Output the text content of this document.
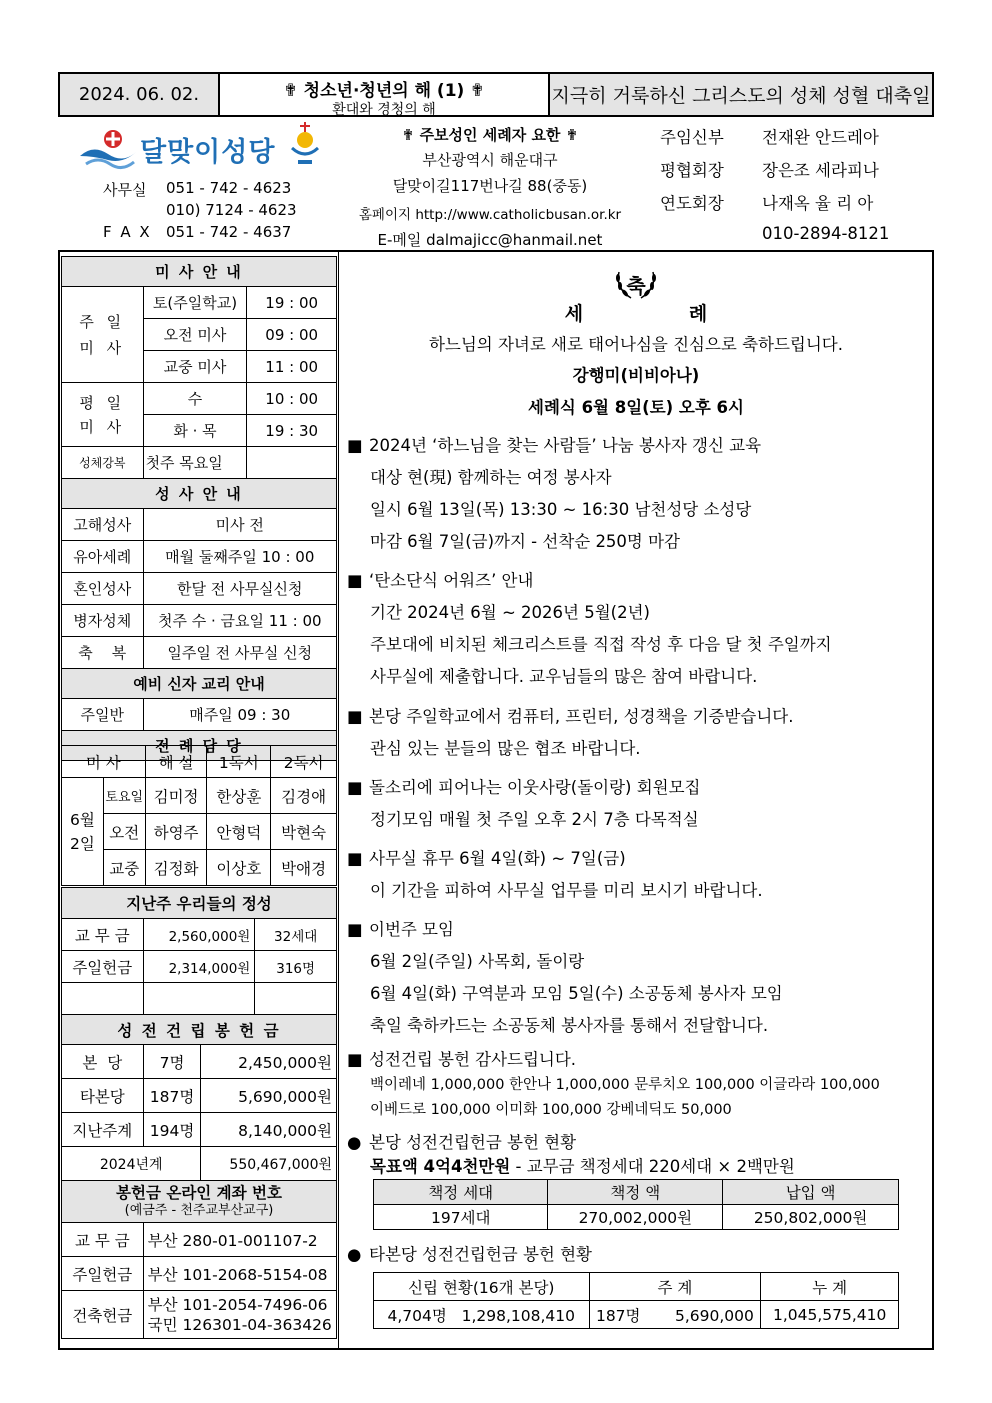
2024. 06. 02.	✟ 청소년·청년의 해 (1) ✟
환대와 경청의 해
지극히 거룩하신 그리스도의 성체 성혈 대축일
달맞이성당
사무실 051 - 742 - 4623
010) 7124 - 4623
F A X 051 - 742 - 4637
✟ 주보성인 세례자 요한 ✟
부산광역시 해운대구
달맞이길117번나길 88(중동)
홈페이지 http://www.catholicbusan.or.kr
E-메일 dalmajicc@hanmail.net
주임신부 전재완 안드레아
평협회장 장은조 세라피나
연도회장 나재옥 율 리 아
010-2894-8121
미 사 안 내		
주 일
미 사	토(주일학교)	19 : 00
	오전 미사	09 : 00
	교중 미사	11 : 00
평 일
미 사	수	10 : 00
	화 · 목	19 : 30
성체강복	첫주 목요일	
성 사 안 내		
고해성사	미사 전	
유아세례	매월 둘째주일 10 : 00	
혼인성사	한달 전 사무실신청	
병자성체	첫주 수 · 금요일 11 : 00	
축    복	일주일 전 사무실 신청	
예비 신자 교리 안내		
주일반	매주일 09 : 30	
전 례 담 당		
미 사		해 설	1독서	2독서
6월
2일	토요일	김미정	한상훈	김경애
	오전	하영주	안형덕	박현숙
	교중	김정화	이상호	박애경
지난주 우리들의 정성		
교 무 금	2,560,000원	32세대
주일헌금	2,314,000원	316명

성 전 건 립 봉 헌 금		
본  당	7명	2,450,000원
타본당	187명	5,690,000원
지난주계	194명	8,140,000원
2024년계		550,467,000원
봉헌금 온라인 계좌 번호
(예금주 - 천주교부산교구)	

교 무 금	부산 280-01-001107-2
주일헌금	부산 101-2068-5154-08
건축헌금	부산 101-2054-7496-06
국민 126301-04-363426
축
세                례
하느님의 자녀로 새로 태어나심을 진심으로 축하드립니다.
강행미(비비아나)
세례식 6월 8일(토) 오후 6시
■ 2024년 ‘하느님을 찾는 사람들’ 나눔 봉사자 갱신 교육
대상 현(現) 함께하는 여정 봉사자
일시 6월 13일(목) 13:30 ~ 16:30 남천성당 소성당
마감 6월 7일(금)까지 - 선착순 250명 마감
■ ‘탄소단식 어워즈’ 안내
기간 2024년 6월 ~ 2026년 5월(2년)
주보대에 비치된 체크리스트를 직접 작성 후 다음 달 첫 주일까지
사무실에 제출합니다. 교우님들의 많은 참여 바랍니다.
■ 본당 주일학교에서 컴퓨터, 프린터, 성경책을 기증받습니다.
관심 있는 분들의 많은 협조 바랍니다.
■ 돌소리에 피어나는 이웃사랑(돌이랑) 회원모집
정기모임 매월 첫 주일 오후 2시 7층 다목적실
■ 사무실 휴무 6월 4일(화) ~ 7일(금)
이 기간을 피하여 사무실 업무를 미리 보시기 바랍니다.
■ 이번주 모임
6월 2일(주일) 사목회, 돌이랑
6월 4일(화) 구역분과 모임 5일(수) 소공동체 봉사자 모임
축일 축하카드는 소공동체 봉사자를 통해서 전달합니다.
■ 성전건립 봉헌 감사드립니다.
백이레네 1,000,000 한안나 1,000,000 문루치오 100,000 이글라라 100,000
이베드로 100,000 이미화 100,000 강베네딕도 50,000
● 본당 성전건립헌금 봉헌 현황
목표액 4억4천만원 - 교무금 책정세대 220세대 × 2백만원
책정 세대	책정 액	납입 액
197세대	270,002,000원	250,802,000원
● 타본당 성전건립헌금 봉헌 현황
신립 현황(16개 본당)	주 계	누 계
4,704명   1,298,108,410	187명       5,690,000	1,045,575,410
